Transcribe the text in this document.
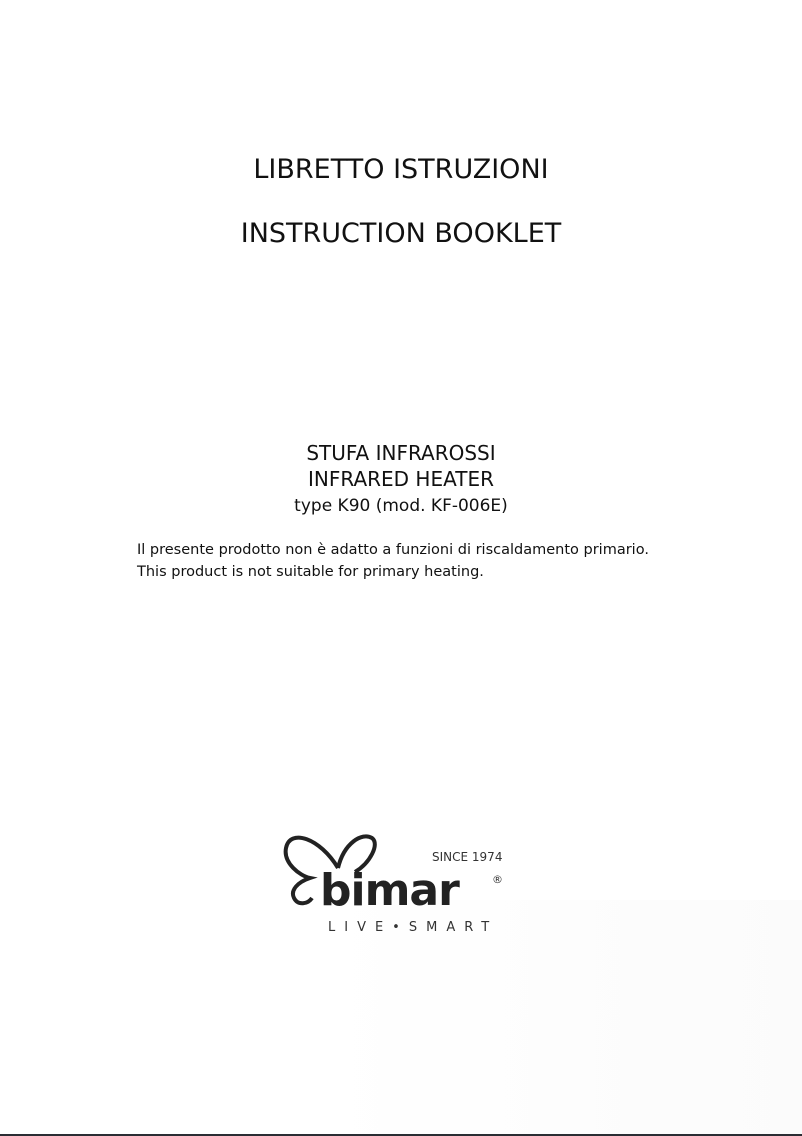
LIBRETTO ISTRUZIONI
INSTRUCTION BOOKLET
STUFA INFRAROSSI
INFRARED HEATER
type K90 (mod. KF-006E)
Il presente prodotto non è adatto a funzioni di riscaldamento primario.
This product is not suitable for primary heating.
SINCE 1974
bimar	®
LIVE•SMART
